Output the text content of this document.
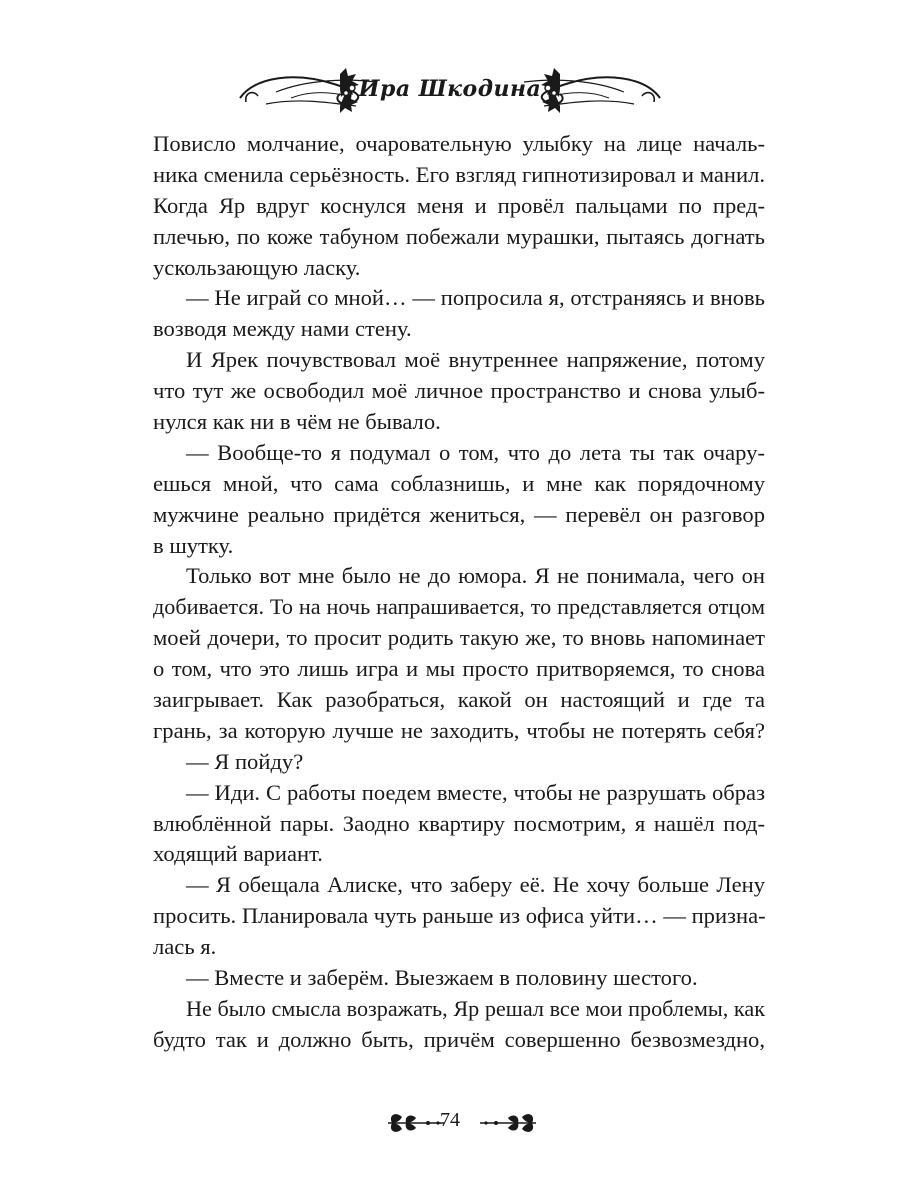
Ира Шкодина
Повисло молчание, очаровательную улыбку на лице началь-
ника сменила серьёзность. Его взгляд гипнотизировал и манил.
Когда Яр вдруг коснулся меня и провёл пальцами по пред-
плечью, по коже табуном побежали мурашки, пытаясь догнать
ускользающую ласку.
— Не играй со мной… — попросила я, отстраняясь и вновь
возводя между нами стену.
И Ярек почувствовал моё внутреннее напряжение, потому
что тут же освободил моё личное пространство и снова улыб-
нулся как ни в чём не бывало.
— Вообще-то я подумал о том, что до лета ты так очару-
ешься мной, что сама соблазнишь, и мне как порядочному
мужчине реально придётся жениться, — перевёл он разговор
в шутку.
Только вот мне было не до юмора. Я не понимала, чего он
добивается. То на ночь напрашивается, то представляется отцом
моей дочери, то просит родить такую же, то вновь напоминает
о том, что это лишь игра и мы просто притворяемся, то снова
заигрывает. Как разобраться, какой он настоящий и где та
грань, за которую лучше не заходить, чтобы не потерять себя?
— Я пойду?
— Иди. С работы поедем вместе, чтобы не разрушать образ
влюблённой пары. Заодно квартиру посмотрим, я нашёл под-
ходящий вариант.
— Я обещала Алиске, что заберу её. Не хочу больше Лену
просить. Планировала чуть раньше из офиса уйти… — призна-
лась я.
— Вместе и заберём. Выезжаем в половину шестого.
Не было смысла возражать, Яр решал все мои проблемы, как
будто так и должно быть, причём совершенно безвозмездно,
74
